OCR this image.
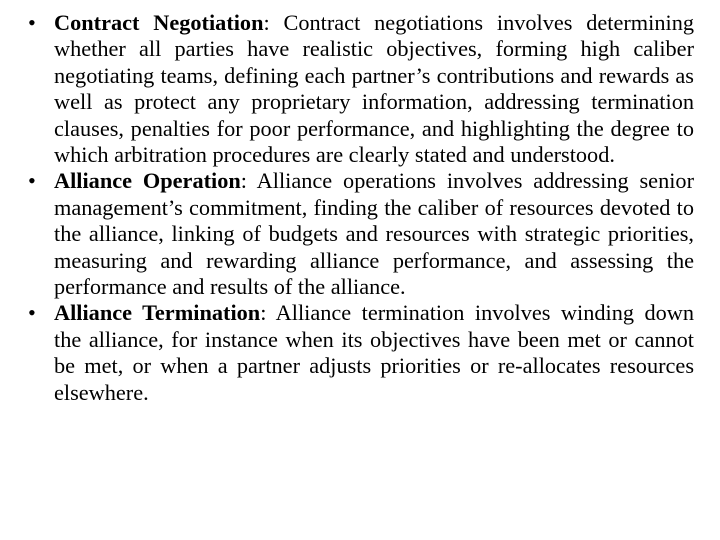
• Contract Negotiation: Contract negotiations involves determining whether all parties have realistic objectives, forming high caliber negotiating teams, defining each partner’s contributions and rewards as well as protect any proprietary information, addressing termination clauses, penalties for poor performance, and highlighting the degree to which arbitration procedures are clearly stated and understood.
• Alliance Operation: Alliance operations involves addressing senior management’s commitment, finding the caliber of resources devoted to the alliance, linking of budgets and resources with strategic priorities, measuring and rewarding alliance performance, and assessing the performance and results of the alliance.
• Alliance Termination: Alliance termination involves winding down the alliance, for instance when its objectives have been met or cannot be met, or when a partner adjusts priorities or re-allocates resources elsewhere.
